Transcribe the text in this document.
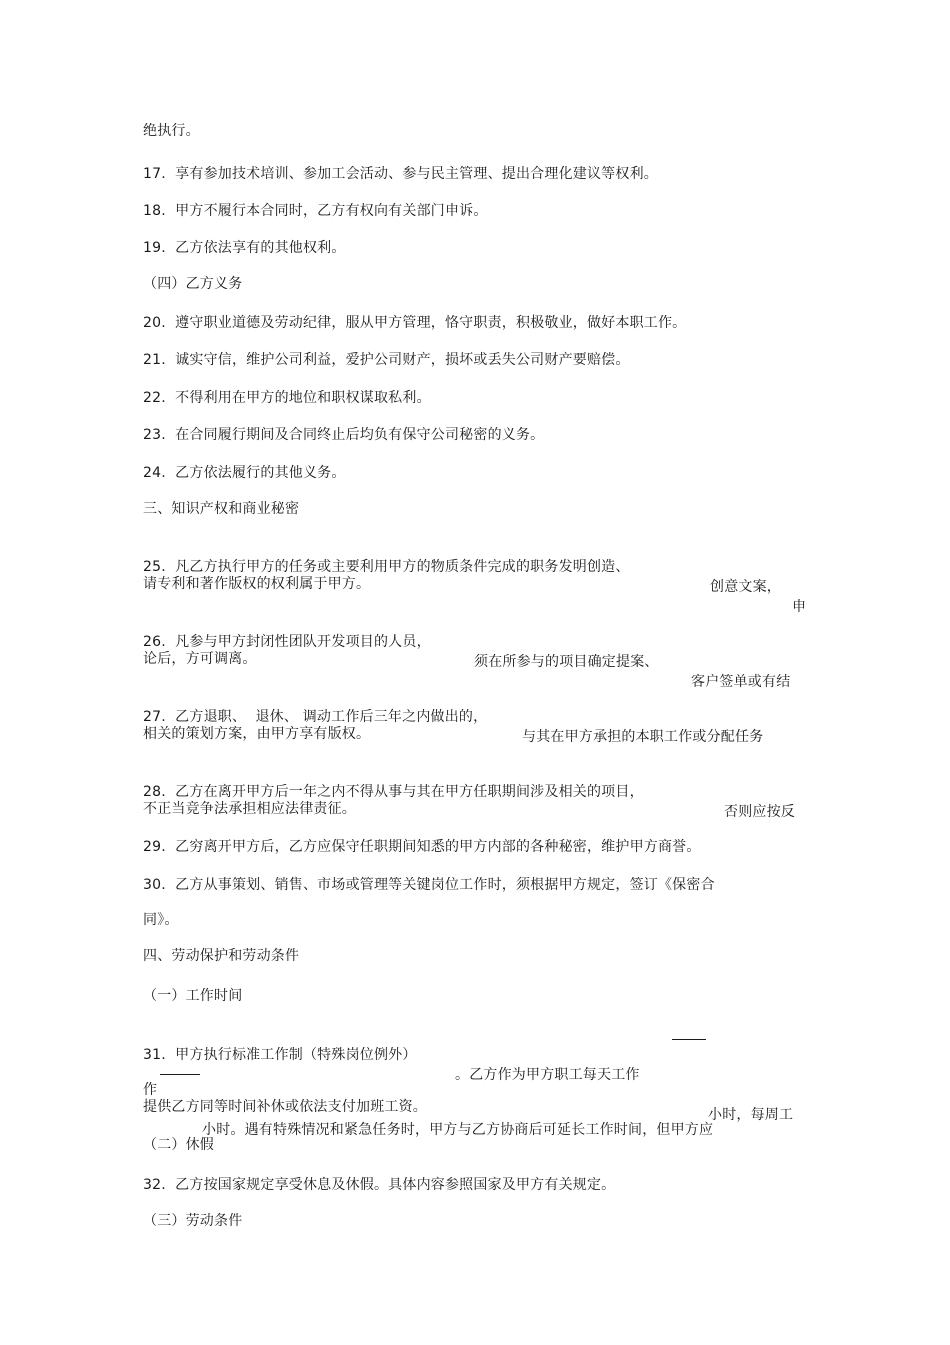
绝执行。
17.  享有参加技术培训、参加工会活动、参与民主管理、提出合理化建议等权利。
18.  甲方不履行本合同时，乙方有权向有关部门申诉。
19.  乙方依法享有的其他权利。
（四）乙方义务
20.  遵守职业道德及劳动纪律，服从甲方管理，恪守职责，积极敬业，做好本职工作。
21.  诚实守信，维护公司利益，爱护公司财产，损坏或丢失公司财产要赔偿。
22.  不得利用在甲方的地位和职权谋取私利。
23.  在合同履行期间及合同终止后均负有保守公司秘密的义务。
24.  乙方依法履行的其他义务。
三、知识产权和商业秘密

25.  凡乙方执行甲方的任务或主要利用甲方的物质条件完成的职务发明创造、

创意文案，

申

请专利和著作版权的权利属于甲方。

26.  凡参与甲方封闭性团队开发项目的人员，

须在所参与的项目确定提案、

客户签单或有结

论后，方可调离。

27.  乙方退职、  退休、 调动工作后三年之内做出的，

与其在甲方承担的本职工作或分配任务

相关的策划方案，由甲方享有版权。

28.  乙方在离开甲方后一年之内不得从事与其在甲方任职期间涉及相关的项目，

否则应按反

不正当竞争法承担相应法律责征。
29.  乙穷离开甲方后，乙方应保守任职期间知悉的甲方内部的各种秘密，维护甲方商誉。
30.  乙方从事策划、销售、市场或管理等关键岗位工作时，须根据甲方规定，签订《保密合
同》。
四、劳动保护和劳动条件
（一）工作时间

31.  甲方执行标准工作制（特殊岗位例外）

。乙方作为甲方职工每天工作

小时，每周工

作

小时。遇有特殊情况和紧急任务时，甲方与乙方协商后可延长工作时间，但甲方应

提供乙方同等时间补休或依法支付加班工资。
（二）休假
32.  乙方按国家规定享受休息及休假。具体内容参照国家及甲方有关规定。
（三）劳动条件
